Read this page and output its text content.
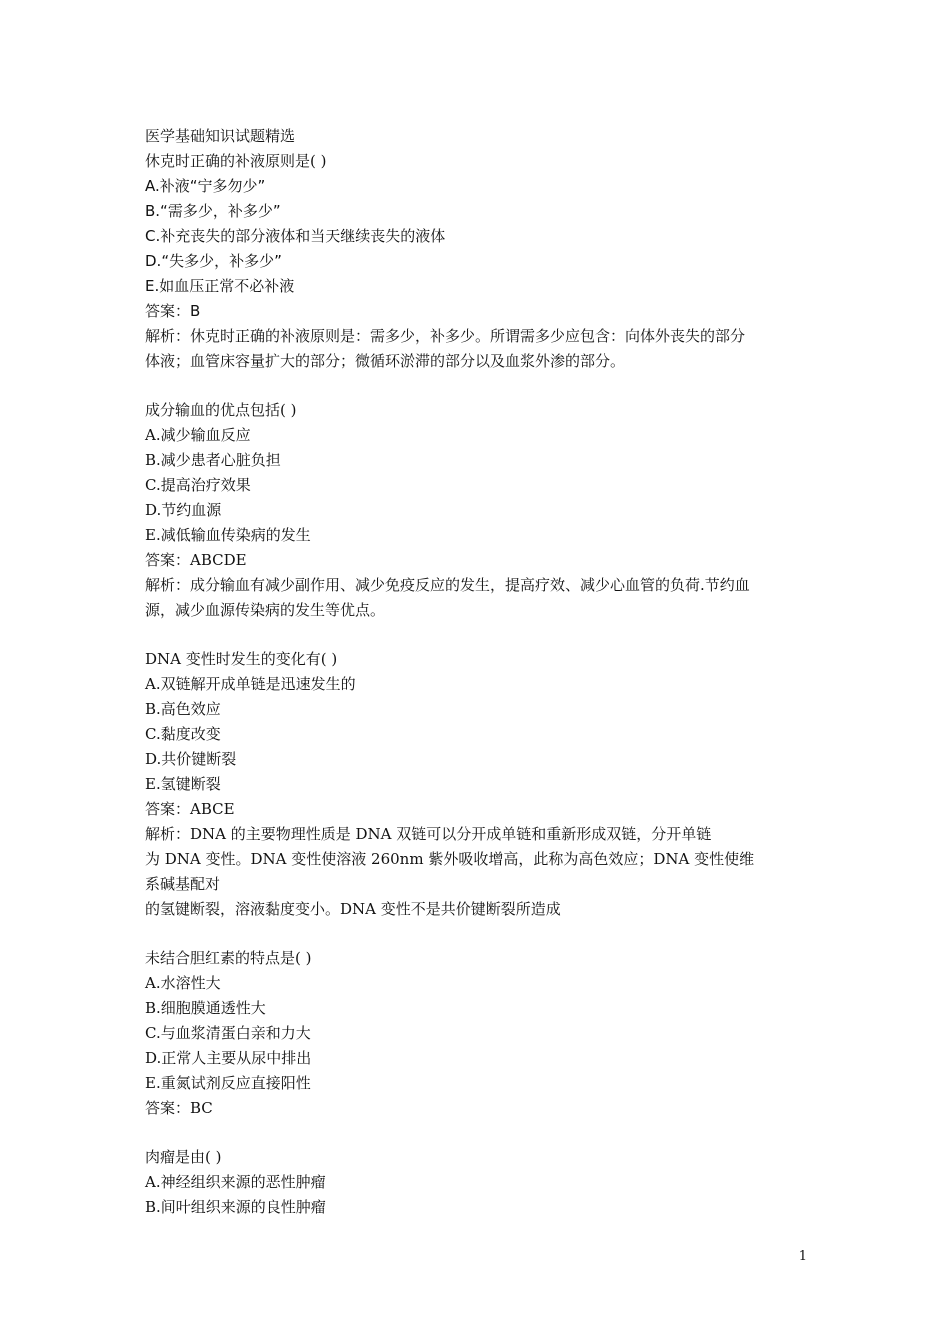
医学基础知识试题精选

休克时正确的补液原则是( )

A.补液“宁多勿少”

B.“需多少，补多少”

C.补充丧失的部分液体和当天继续丧失的液体

D.“失多少，补多少”

E.如血压正常不必补液

答案：B

解析：休克时正确的补液原则是：需多少，补多少。所谓需多少应包含：向体外丧失的部分

体液；血管床容量扩大的部分；微循环淤滞的部分以及血浆外渗的部分。

成分输血的优点包括( )

A.减少输血反应

B.减少患者心脏负担

C.提高治疗效果

D.节约血源

E.减低输血传染病的发生

答案：ABCDE

解析：成分输血有减少副作用、减少免疫反应的发生，提高疗效、减少心血管的负荷.节约血

源，减少血源传染病的发生等优点。

DNA 变性时发生的变化有( )

A.双链解开成单链是迅速发生的

B.高色效应

C.黏度改变

D.共价键断裂

E.氢键断裂

答案：ABCE

解析：DNA 的主要物理性质是 DNA 双链可以分开成单链和重新形成双链，分开单链

为 DNA 变性。DNA 变性使溶液 260nm 紫外吸收增高，此称为高色效应；DNA 变性使维

系碱基配对

的氢键断裂，溶液黏度变小。DNA 变性不是共价键断裂所造成

未结合胆红素的特点是( )

A.水溶性大

B.细胞膜通透性大

C.与血浆清蛋白亲和力大

D.正常人主要从尿中排出

E.重氮试剂反应直接阳性

答案：BC

肉瘤是由( )

A.神经组织来源的恶性肿瘤

B.间叶组织来源的良性肿瘤

1
